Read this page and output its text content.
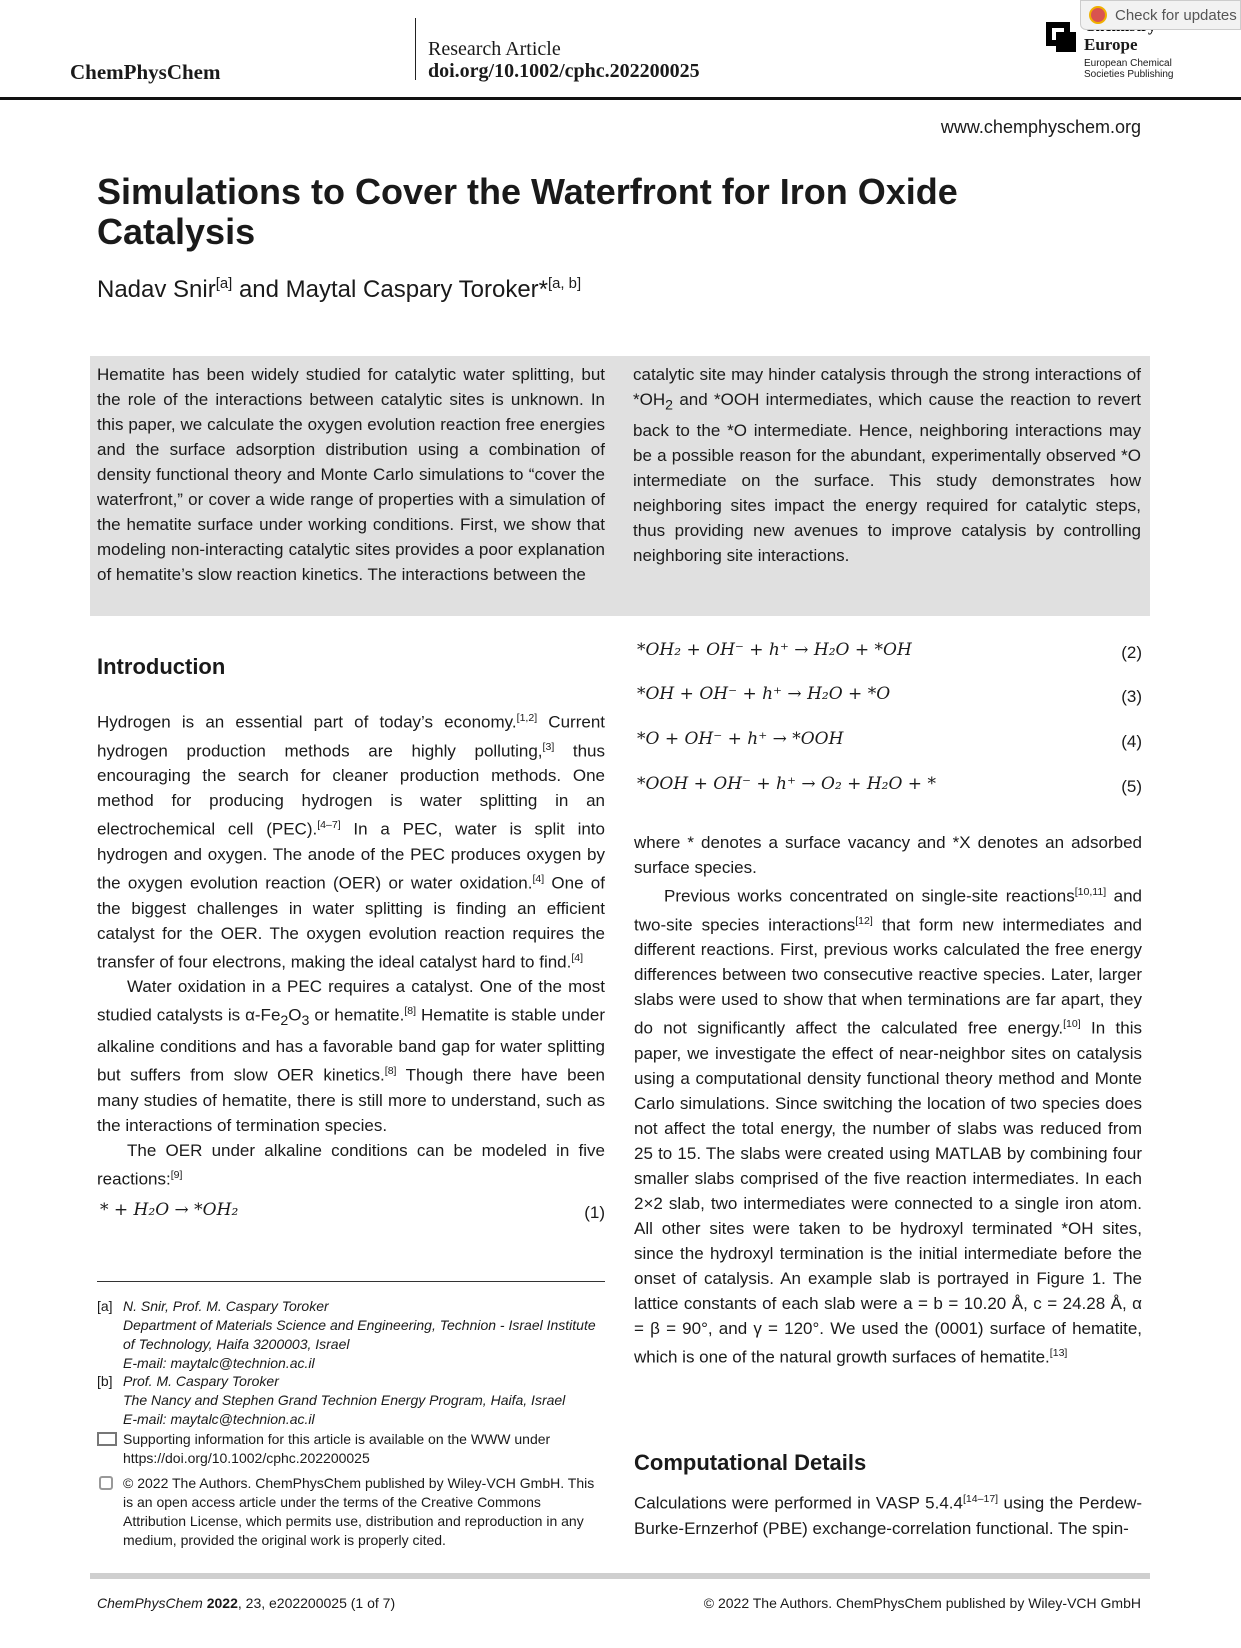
ChemPhysChem
Research Article
doi.org/10.1002/cphc.202200025
Europe
European Chemical
Societies Publishing
Check for updates
www.chemphyschem.org
Simulations to Cover the Waterfront for Iron Oxide Catalysis
Nadav Snir[a] and Maytal Caspary Toroker*[a, b]
Hematite has been widely studied for catalytic water splitting, but the role of the interactions between catalytic sites is unknown. In this paper, we calculate the oxygen evolution reaction free energies and the surface adsorption distribution using a combination of density functional theory and Monte Carlo simulations to “cover the waterfront,” or cover a wide range of properties with a simulation of the hematite surface under working conditions. First, we show that modeling non-interacting catalytic sites provides a poor explanation of hematite’s slow reaction kinetics. The interactions between the
catalytic site may hinder catalysis through the strong interactions of $*OH_2$ and *OOH intermediates, which cause the reaction to revert back to the *O intermediate. Hence, neighboring interactions may be a possible reason for the abundant, experimentally observed *O intermediate on the surface. This study demonstrates how neighboring sites impact the energy required for catalytic steps, thus providing new avenues to improve catalysis by controlling neighboring site interactions.
Introduction

Hydrogen is an essential part of today’s economy.[1,2] Current hydrogen production methods are highly polluting,[3] thus encouraging the search for cleaner production methods. One method for producing hydrogen is water splitting in an electrochemical cell (PEC).[4–7] In a PEC, water is split into hydrogen and oxygen. The anode of the PEC produces oxygen by the oxygen evolution reaction (OER) or water oxidation.[4] One of the biggest challenges in water splitting is finding an efficient catalyst for the OER. The oxygen evolution reaction requires the transfer of four electrons, making the ideal catalyst hard to find.[4]

Water oxidation in a PEC requires a catalyst. One of the most studied catalysts is $\alpha-Fe_2O_3$ or hematite.[8] Hematite is stable under alkaline conditions and has a favorable band gap for water splitting but suffers from slow OER kinetics.[8] Though there have been many studies of hematite, there is still more to understand, such as the interactions of termination species.

The OER under alkaline conditions can be modeled in five reactions:[9]

* + H₂O → *OH₂	(1)
[a] N. Snir, Prof. M. Caspary Toroker
Department of Materials Science and Engineering, Technion - Israel Institute of Technology, Haifa 3200003, Israel
E-mail: maytalc@technion.ac.il
[b] Prof. M. Caspary Toroker
The Nancy and Stephen Grand Technion Energy Program, Haifa, Israel
E-mail: maytalc@technion.ac.il
Supporting information for this article is available on the WWW under https://doi.org/10.1002/cphc.202200025
© 2022 The Authors. ChemPhysChem published by Wiley-VCH GmbH. This is an open access article under the terms of the Creative Commons Attribution License, which permits use, distribution and reproduction in any medium, provided the original work is properly cited.
*OH₂ + OH⁻ + h⁺ → H₂O + *OH	(2)
*OH + OH⁻ + h⁺ → H₂O + *O	(3)
*O + OH⁻ + h⁺ → *OOH	(4)
*OOH + OH⁻ + h⁺ → O₂ + H₂O + *	(5)

where * denotes a surface vacancy and *X denotes an adsorbed surface species.

Previous works concentrated on single-site reactions[10,11] and two-site species interactions[12] that form new intermediates and different reactions. First, previous works calculated the free energy differences between two consecutive reactive species. Later, larger slabs were used to show that when terminations are far apart, they do not significantly affect the calculated free energy.[10] In this paper, we investigate the effect of near-neighbor sites on catalysis using a computational density functional theory method and Monte Carlo simulations. Since switching the location of two species does not affect the total energy, the number of slabs was reduced from 25 to 15. The slabs were created using MATLAB by combining four smaller slabs comprised of the five reaction intermediates. In each 2×2 slab, two intermediates were connected to a single iron atom. All other sites were taken to be hydroxyl terminated *OH sites, since the hydroxyl termination is the initial intermediate before the onset of catalysis. An example slab is portrayed in Figure 1. The lattice constants of each slab were a = b = 10.20 Å, c = 24.28 Å, α = β = 90°, and γ = 120°. We used the (0001) surface of hematite, which is one of the natural growth surfaces of hematite.[13]

Computational Details

Calculations were performed in VASP 5.4.4[14–17] using the Perdew-Burke-Ernzerhof (PBE) exchange-correlation functional. The spin-

ChemPhysChem 2022, 23, e202200025 (1 of 7)	© 2022 The Authors. ChemPhysChem published by Wiley-VCH GmbH
